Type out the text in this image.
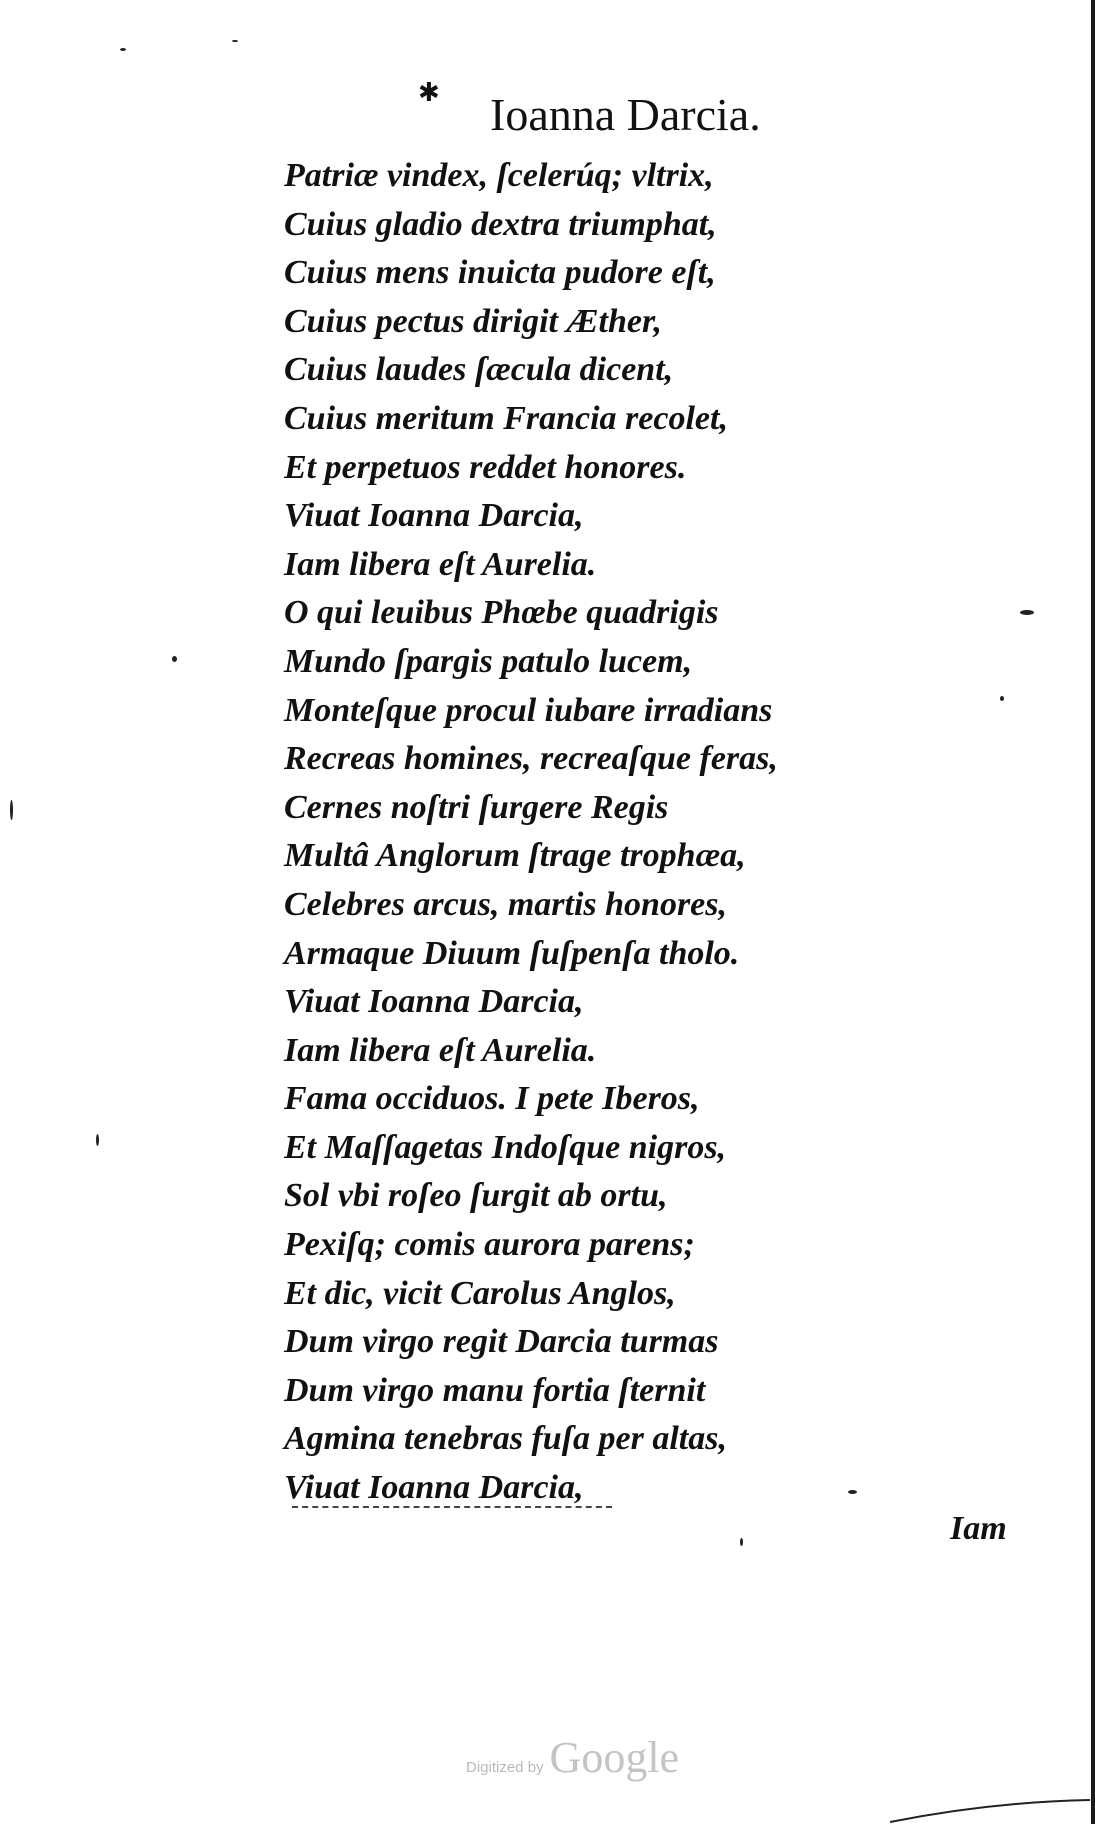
✱ Ioanna Darcia.
Patriæ vindex, ſcelerúq; vltrix,
Cuius gladio dextra triumphat,
Cuius mens inuicta pudore eſt,
Cuius pectus dirigit Æther,
Cuius laudes ſæcula dicent,
Cuius meritum Francia recolet,
Et perpetuos reddet honores.
Viuat Ioanna Darcia,
Iam libera eſt Aurelia.
O qui leuibus Phœbe quadrigis
Mundo ſpargis patulo lucem,
Monteſque procul iubare irradians
Recreas homines, recreaſque feras,
Cernes noſtri ſurgere Regis
Multâ Anglorum ſtrage trophæa,
Celebres arcus, martis honores,
Armaque Diuum ſuſpenſa tholo.
Viuat Ioanna Darcia,
Iam libera eſt Aurelia.
Fama occiduos. I pete Iberos,
Et Maſſagetas Indoſque nigros,
Sol vbi roſeo ſurgit ab ortu,
Pexiſq; comis aurora parens;
Et dic, vicit Carolus Anglos,
Dum virgo regit Darcia turmas
Dum virgo manu fortia ſternit
Agmina tenebras fuſa per altas,
Viuat Ioanna Darcia,
Iam
Digitized by Google
